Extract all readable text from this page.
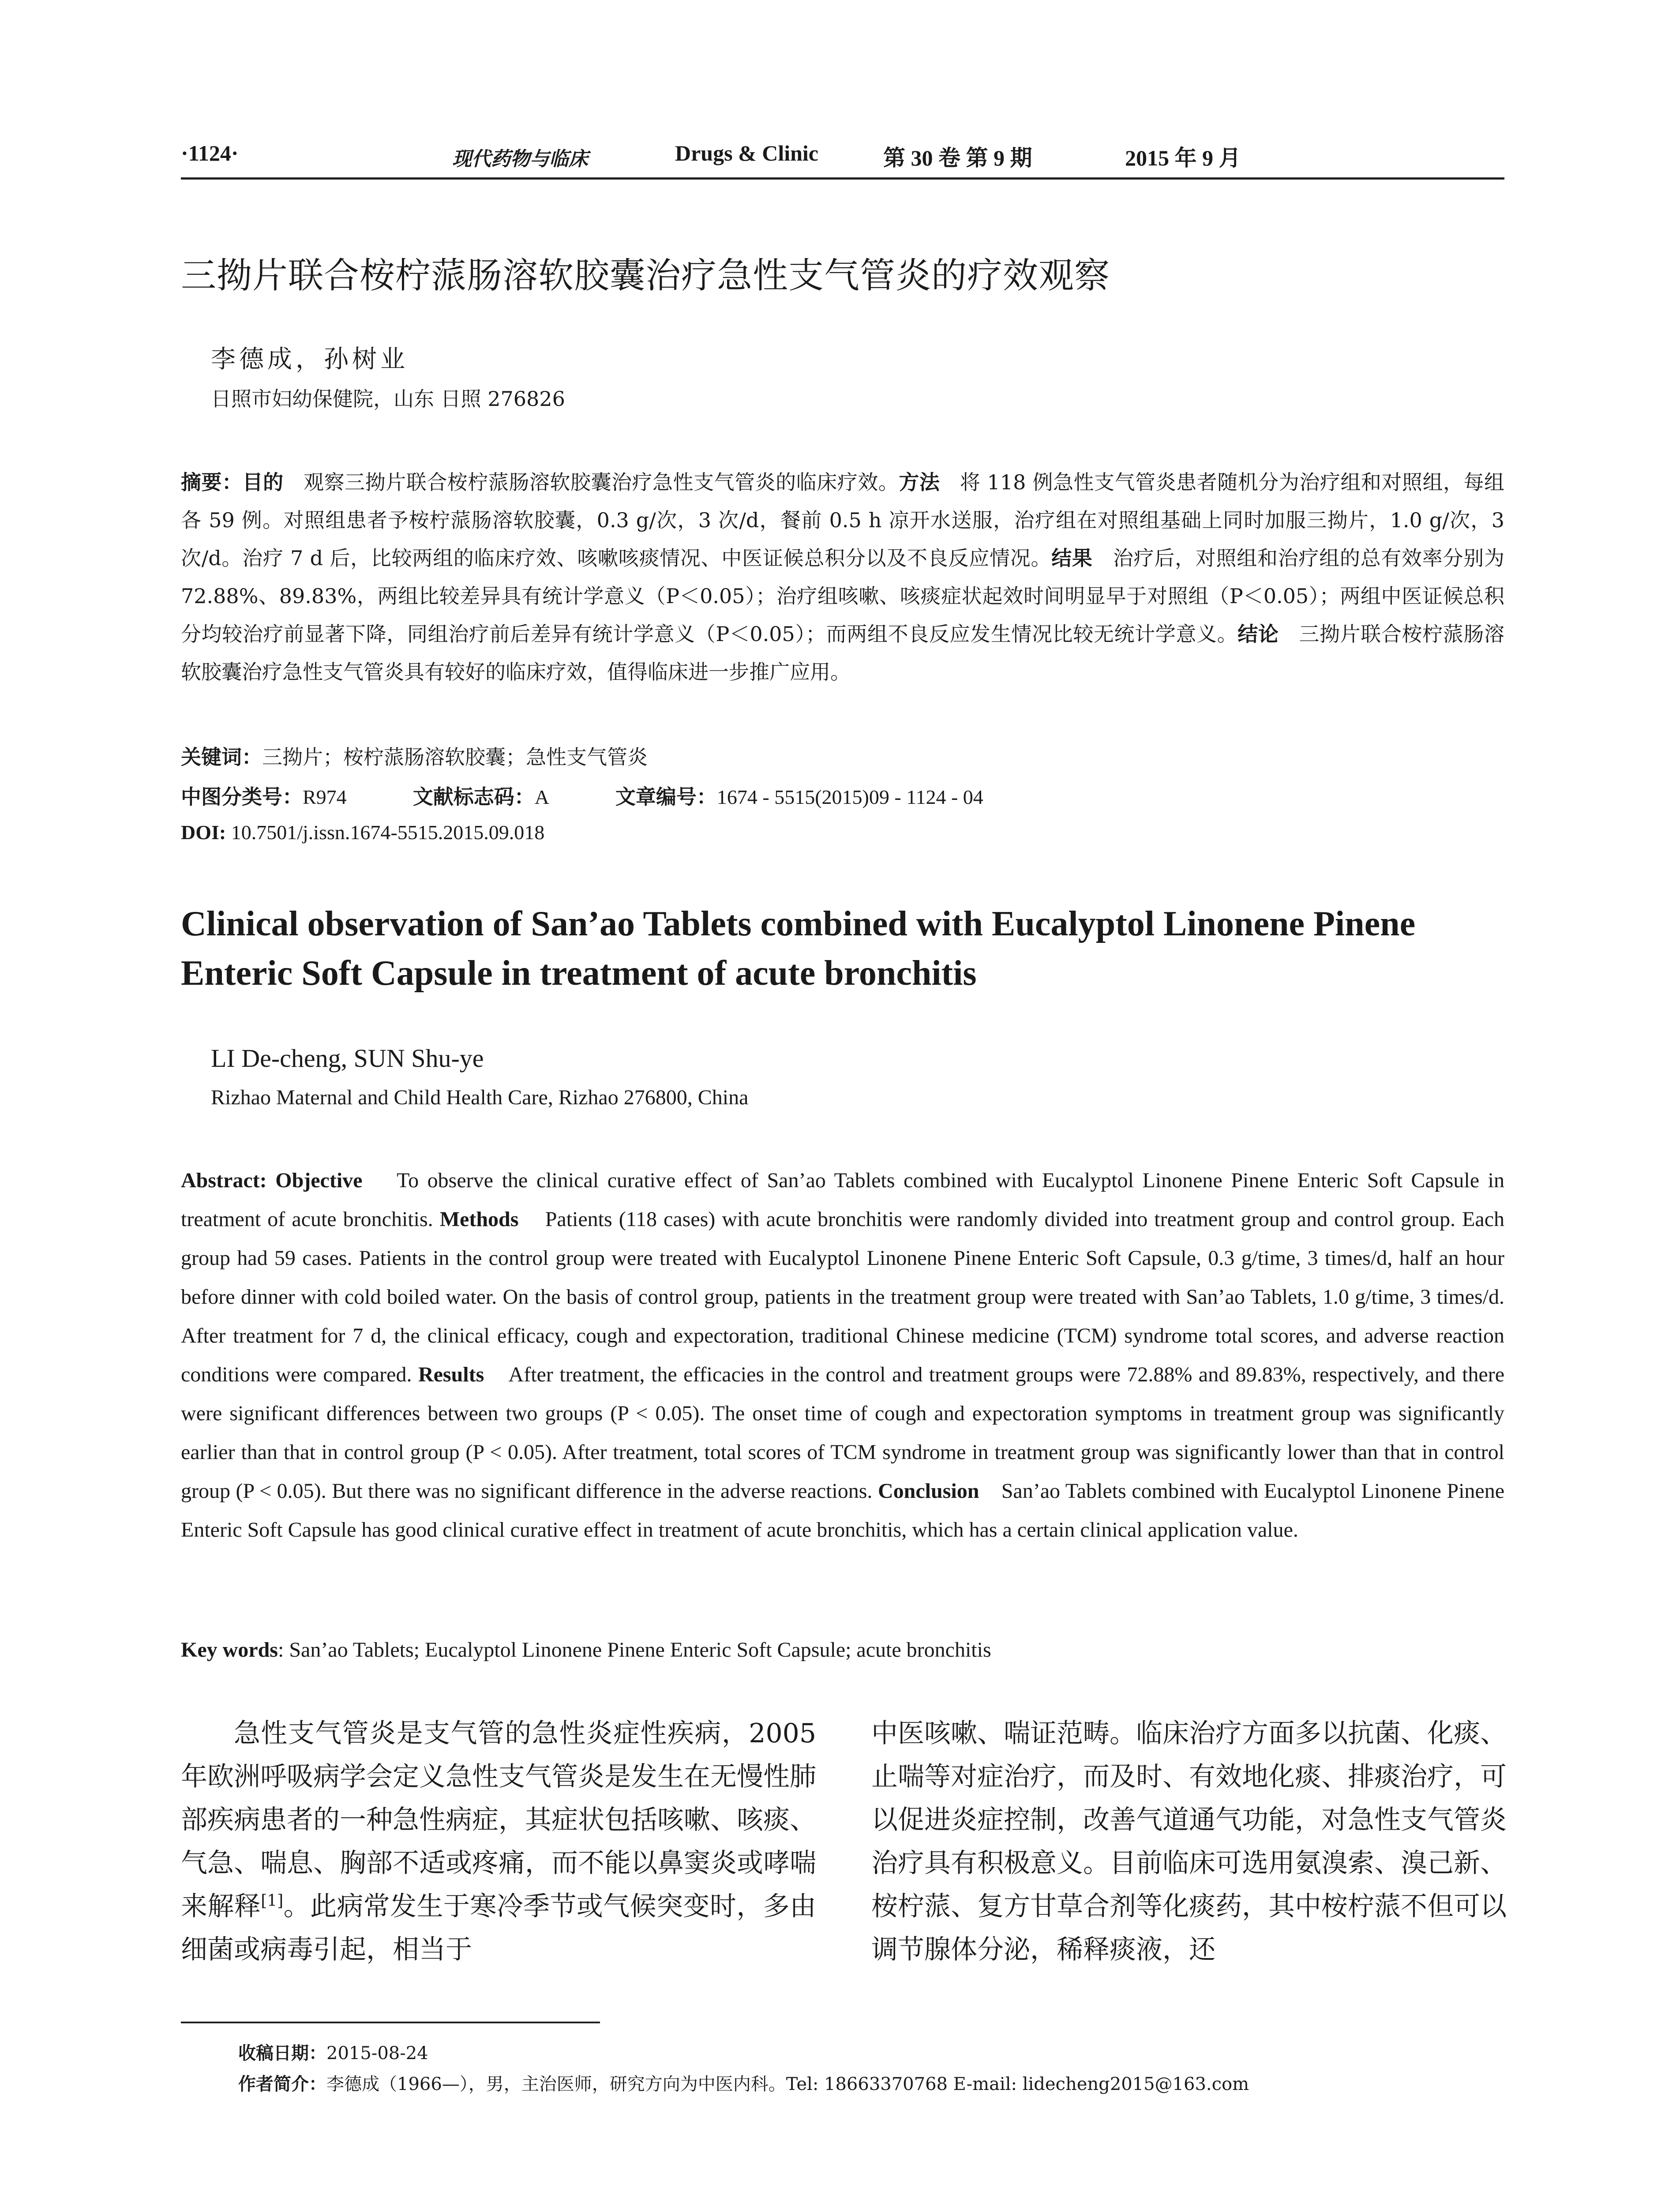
·1124·	现代药物与临床	Drugs & Clinic	第 30 卷 第 9 期	2015 年 9 月
三拗片联合桉柠蒎肠溶软胶囊治疗急性支气管炎的疗效观察
李德成，孙树业
日照市妇幼保健院，山东 日照 276826
摘要：目的 观察三拗片联合桉柠蒎肠溶软胶囊治疗急性支气管炎的临床疗效。方法 将 118 例急性支气管炎患者随机分为治疗组和对照组，每组各 59 例。对照组患者予桉柠蒎肠溶软胶囊，0.3 g/次，3 次/d，餐前 0.5 h 凉开水送服，治疗组在对照组基础上同时加服三拗片，1.0 g/次，3 次/d。治疗 7 d 后，比较两组的临床疗效、咳嗽咳痰情况、中医证候总积分以及不良反应情况。结果 治疗后，对照组和治疗组的总有效率分别为 72.88%、89.83%，两组比较差异具有统计学意义（P＜0.05）；治疗组咳嗽、咳痰症状起效时间明显早于对照组（P＜0.05）；两组中医证候总积分均较治疗前显著下降，同组治疗前后差异有统计学意义（P＜0.05）；而两组不良反应发生情况比较无统计学意义。结论 三拗片联合桉柠蒎肠溶软胶囊治疗急性支气管炎具有较好的临床疗效，值得临床进一步推广应用。
关键词：三拗片；桉柠蒎肠溶软胶囊；急性支气管炎
中图分类号：R974	文献标志码：A	文章编号：1674 - 5515(2015)09 - 1124 - 04
DOI: 10.7501/j.issn.1674-5515.2015.09.018
Clinical observation of San’ao Tablets combined with Eucalyptol Linonene Pinene Enteric Soft Capsule in treatment of acute bronchitis
LI De-cheng, SUN Shu-ye
Rizhao Maternal and Child Health Care, Rizhao 276800, China
Abstract: Objective To observe the clinical curative effect of San’ao Tablets combined with Eucalyptol Linonene Pinene Enteric Soft Capsule in treatment of acute bronchitis. Methods Patients (118 cases) with acute bronchitis were randomly divided into treatment group and control group. Each group had 59 cases. Patients in the control group were treated with Eucalyptol Linonene Pinene Enteric Soft Capsule, 0.3 g/time, 3 times/d, half an hour before dinner with cold boiled water. On the basis of control group, patients in the treatment group were treated with San’ao Tablets, 1.0 g/time, 3 times/d. After treatment for 7 d, the clinical efficacy, cough and expectoration, traditional Chinese medicine (TCM) syndrome total scores, and adverse reaction conditions were compared. Results After treatment, the efficacies in the control and treatment groups were 72.88% and 89.83%, respectively, and there were significant differences between two groups (P < 0.05). The onset time of cough and expectoration symptoms in treatment group was significantly earlier than that in control group (P < 0.05). After treatment, total scores of TCM syndrome in treatment group was significantly lower than that in control group (P < 0.05). But there was no significant difference in the adverse reactions. Conclusion San’ao Tablets combined with Eucalyptol Linonene Pinene Enteric Soft Capsule has good clinical curative effect in treatment of acute bronchitis, which has a certain clinical application value.
Key words: San’ao Tablets; Eucalyptol Linonene Pinene Enteric Soft Capsule; acute bronchitis
急性支气管炎是支气管的急性炎症性疾病，2005 年欧洲呼吸病学会定义急性支气管炎是发生在无慢性肺部疾病患者的一种急性病症，其症状包括咳嗽、咳痰、气急、喘息、胸部不适或疼痛，而不能以鼻窦炎或哮喘来解释[1]。此病常发生于寒冷季节或气候突变时，多由细菌或病毒引起，相当于
中医咳嗽、喘证范畴。临床治疗方面多以抗菌、化痰、止喘等对症治疗，而及时、有效地化痰、排痰治疗，可以促进炎症控制，改善气道通气功能，对急性支气管炎治疗具有积极意义。目前临床可选用氨溴索、溴己新、桉柠蒎、复方甘草合剂等化痰药，其中桉柠蒎不但可以调节腺体分泌，稀释痰液，还
收稿日期：2015-08-24
作者简介：李德成（1966—），男，主治医师，研究方向为中医内科。Tel: 18663370768 E-mail: lidecheng2015@163.com
